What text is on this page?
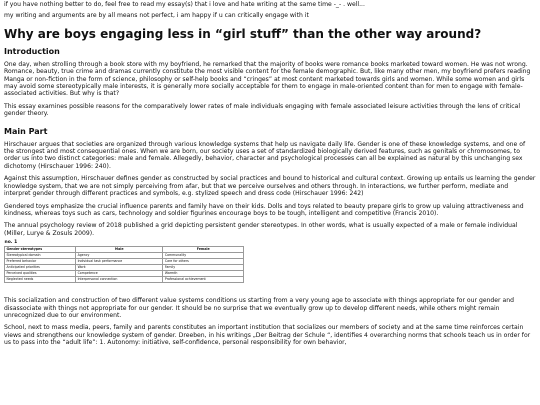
if you have nothing better to do, feel free to read my essay(s) that i love and hate writing at the same time -_- . well...

my writing and arguments are by all means not perfect, i am happy if u can critically engage with it

Why are boys engaging less in “girl stuff” than the other way around?
Introduction

One day, when strolling through a book store with my boyfriend, he remarked that the majority of books were romance books marketed toward women. He was not wrong. Romance, beauty, true crime and dramas currently constitute the most visible content for the female demographic. But, like many other men, my boyfriend prefers reading Manga or non-fiction in the form of science, philosophy or self-help books and “cringes” at most content marketed towards girls and women. While some women and girls may avoid some stereotypically male interests, it is generally more socially acceptable for them to engage in male-oriented content than for men to engage with female-associated activities. But why is that?

This essay examines possible reasons for the comparatively lower rates of male individuals engaging with female associated leisure activities through the lens of critical gender theory.

Main Part

Hirschauer argues that societies are organized through various knowledge systems that help us navigate daily life. Gender is one of these knowledge systems, and one of the strongest and most consequential ones. When we are born, our society uses a set of standardized biologically derived features, such as genitals or chromosomes, to order us into two distinct categories: male and female. Allegedly, behavior, character and psychological processes can all be explained as natural by this unchanging sex dichotomy (Hirschauer 1996: 240).

Against this assumption, Hirschauer defines gender as constructed by social practices and bound to historical and cultural context. Growing up entails us learning the gender knowledge system, that we are not simply perceiving from afar, but that we perceive ourselves and others through. In interactions, we further perform, mediate and interpret gender through different practices and symbols, e.g. stylized speech and dress code (Hirschauer 1996: 242)

Gendered toys emphasize the crucial influence parents and family have on their kids. Dolls and toys related to beauty prepare girls to grow up valuing attractiveness and kindness, whereas toys such as cars, technology and soldier figurines encourage boys to be tough, intelligent and competitive (Francis 2010).

The annual psychology review of 2018 published a grid depicting persistent gender stereotypes. In other words, what is usually expected of a male or female individual (Miller, Lurye & Zosuls 2009).

no. 1		
Gender stereotypes	Male	Female
Stereotypical domain	Agency	Communality
Preferred behavior	Individual task performance	Care for others
Anticipated priorities	Work	Family
Perceived qualities	Competence	Warmth
Neglected needs	Interpersonal connection	Professional achievement

This socialization and construction of two different value systems conditions us starting from a very young age to associate with things appropriate for our gender and disassociate with things not appropriate for our gender. It should be no surprise that we eventually grow up to develop different needs, while others might remain unrecognized due to our environment.

School, next to mass media, peers, family and parents constitutes an important institution that socializes our members of society and at the same time reinforces certain views and strengthens our knowledge system of gender. Dreeben, in his writings „Der Beitrag der Schule “, identifies 4 overarching norms that schools teach us in order for us to pass into the “adult life”: 1. Autonomy: initiative, self-confidence, personal responsibility for own behavior,
